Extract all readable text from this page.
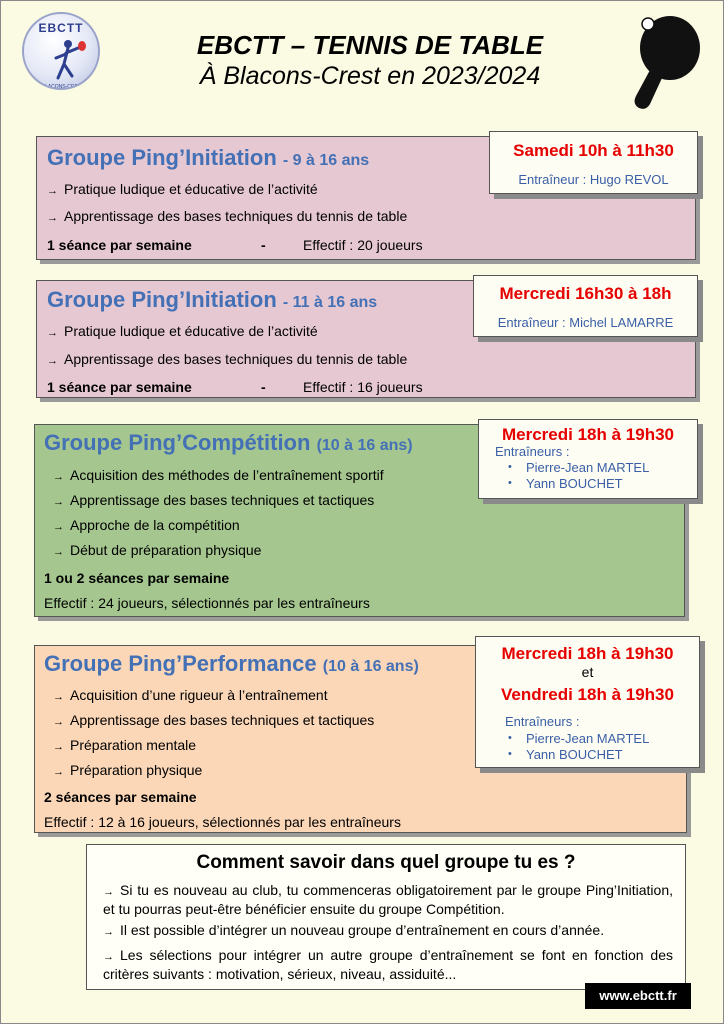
EBCTT
BLACONS-CREST
EBCTT – TENNIS DE TABLE
À Blacons-Crest en 2023/2024
Groupe Ping’Initiation - 9 à 16 ans
→ Pratique ludique et éducative de l’activité
→ Apprentissage des bases techniques du tennis de table
1 séance par semaine	-	Effectif : 20 joueurs
Samedi 10h à 11h30
Entraîneur : Hugo REVOL
Groupe Ping’Initiation - 11 à 16 ans
→ Pratique ludique et éducative de l’activité
→ Apprentissage des bases techniques du tennis de table
1 séance par semaine	-	Effectif : 16 joueurs
Mercredi 16h30 à 18h
Entraîneur : Michel LAMARRE
Groupe Ping’Compétition (10 à 16 ans)
→ Acquisition des méthodes de l’entraînement sportif
→ Apprentissage des bases techniques et tactiques
→ Approche de la compétition
→ Début de préparation physique
1 ou 2 séances par semaine
Effectif : 24 joueurs, sélectionnés par les entraîneurs
Mercredi 18h à 19h30
Entraîneurs :
• Pierre-Jean MARTEL
• Yann BOUCHET
Groupe Ping’Performance (10 à 16 ans)
→ Acquisition d’une rigueur à l’entraînement
→ Apprentissage des bases techniques et tactiques
→ Préparation mentale
→ Préparation physique
2 séances par semaine
Effectif : 12 à 16 joueurs, sélectionnés par les entraîneurs
Mercredi 18h à 19h30
et
Vendredi 18h à 19h30
Entraîneurs :
• Pierre-Jean MARTEL
• Yann BOUCHET
Comment savoir dans quel groupe tu es ?
→ Si tu es nouveau au club, tu commenceras obligatoirement par le groupe Ping’Initiation, et tu pourras peut-être bénéficier ensuite du groupe Compétition.
→ Il est possible d’intégrer un nouveau groupe d’entraînement en cours d’année.
→ Les sélections pour intégrer un autre groupe d’entraînement se font en fonction des critères suivants : motivation, sérieux, niveau, assiduité...
www.ebctt.fr
